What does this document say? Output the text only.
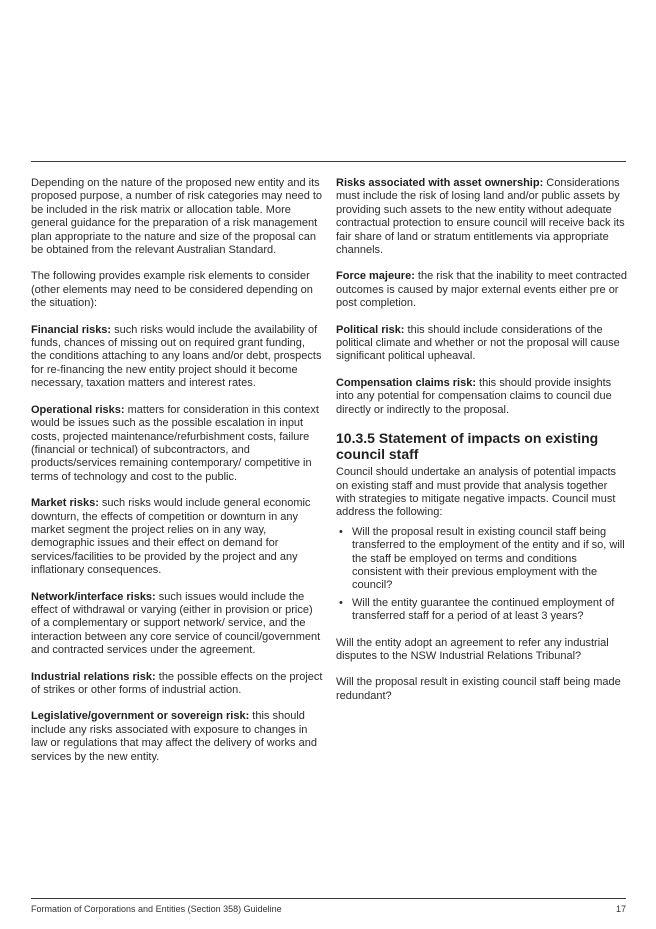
Depending on the nature of the proposed new entity and its proposed purpose, a number of risk categories may need to be included in the risk matrix or allocation table. More general guidance for the preparation of a risk management plan appropriate to the nature and size of the proposal can be obtained from the relevant Australian Standard.

The following provides example risk elements to consider (other elements may need to be considered depending on the situation):

Financial risks: such risks would include the availability of funds, chances of missing out on required grant funding, the conditions attaching to any loans and/or debt, prospects for re-financing the new entity project should it become necessary, taxation matters and interest rates.

Operational risks: matters for consideration in this context would be issues such as the possible escalation in input costs, projected maintenance/refurbishment costs, failure (financial or technical) of subcontractors, and products/services remaining contemporary/ competitive in terms of technology and cost to the public.

Market risks: such risks would include general economic downturn, the effects of competition or downturn in any market segment the project relies on in any way, demographic issues and their effect on demand for services/facilities to be provided by the project and any inflationary consequences.

Network/interface risks: such issues would include the effect of withdrawal or varying (either in provision or price) of a complementary or support network/ service, and the interaction between any core service of council/government and contracted services under the agreement.

Industrial relations risk: the possible effects on the project of strikes or other forms of industrial action.

Legislative/government or sovereign risk: this should include any risks associated with exposure to changes in law or regulations that may affect the delivery of works and services by the new entity.

Risks associated with asset ownership: Considerations must include the risk of losing land and/or public assets by providing such assets to the new entity without adequate contractual protection to ensure council will receive back its fair share of land or stratum entitlements via appropriate channels.

Force majeure: the risk that the inability to meet contracted outcomes is caused by major external events either pre or post completion.

Political risk: this should include considerations of the political climate and whether or not the proposal will cause significant political upheaval.

Compensation claims risk: this should provide insights into any potential for compensation claims to council due directly or indirectly to the proposal.

10.3.5 Statement of impacts on existing council staff

Council should undertake an analysis of potential impacts on existing staff and must provide that analysis together with strategies to mitigate negative impacts. Council must address the following:

• Will the proposal result in existing council staff being transferred to the employment of the entity and if so, will the staff be employed on terms and conditions consistent with their previous employment with the council?
• Will the entity guarantee the continued employment of transferred staff for a period of at least 3 years?

Will the entity adopt an agreement to refer any industrial disputes to the NSW Industrial Relations Tribunal?

Will the proposal result in existing council staff being made redundant?

Formation of Corporations and Entities (Section 358) Guideline	17
